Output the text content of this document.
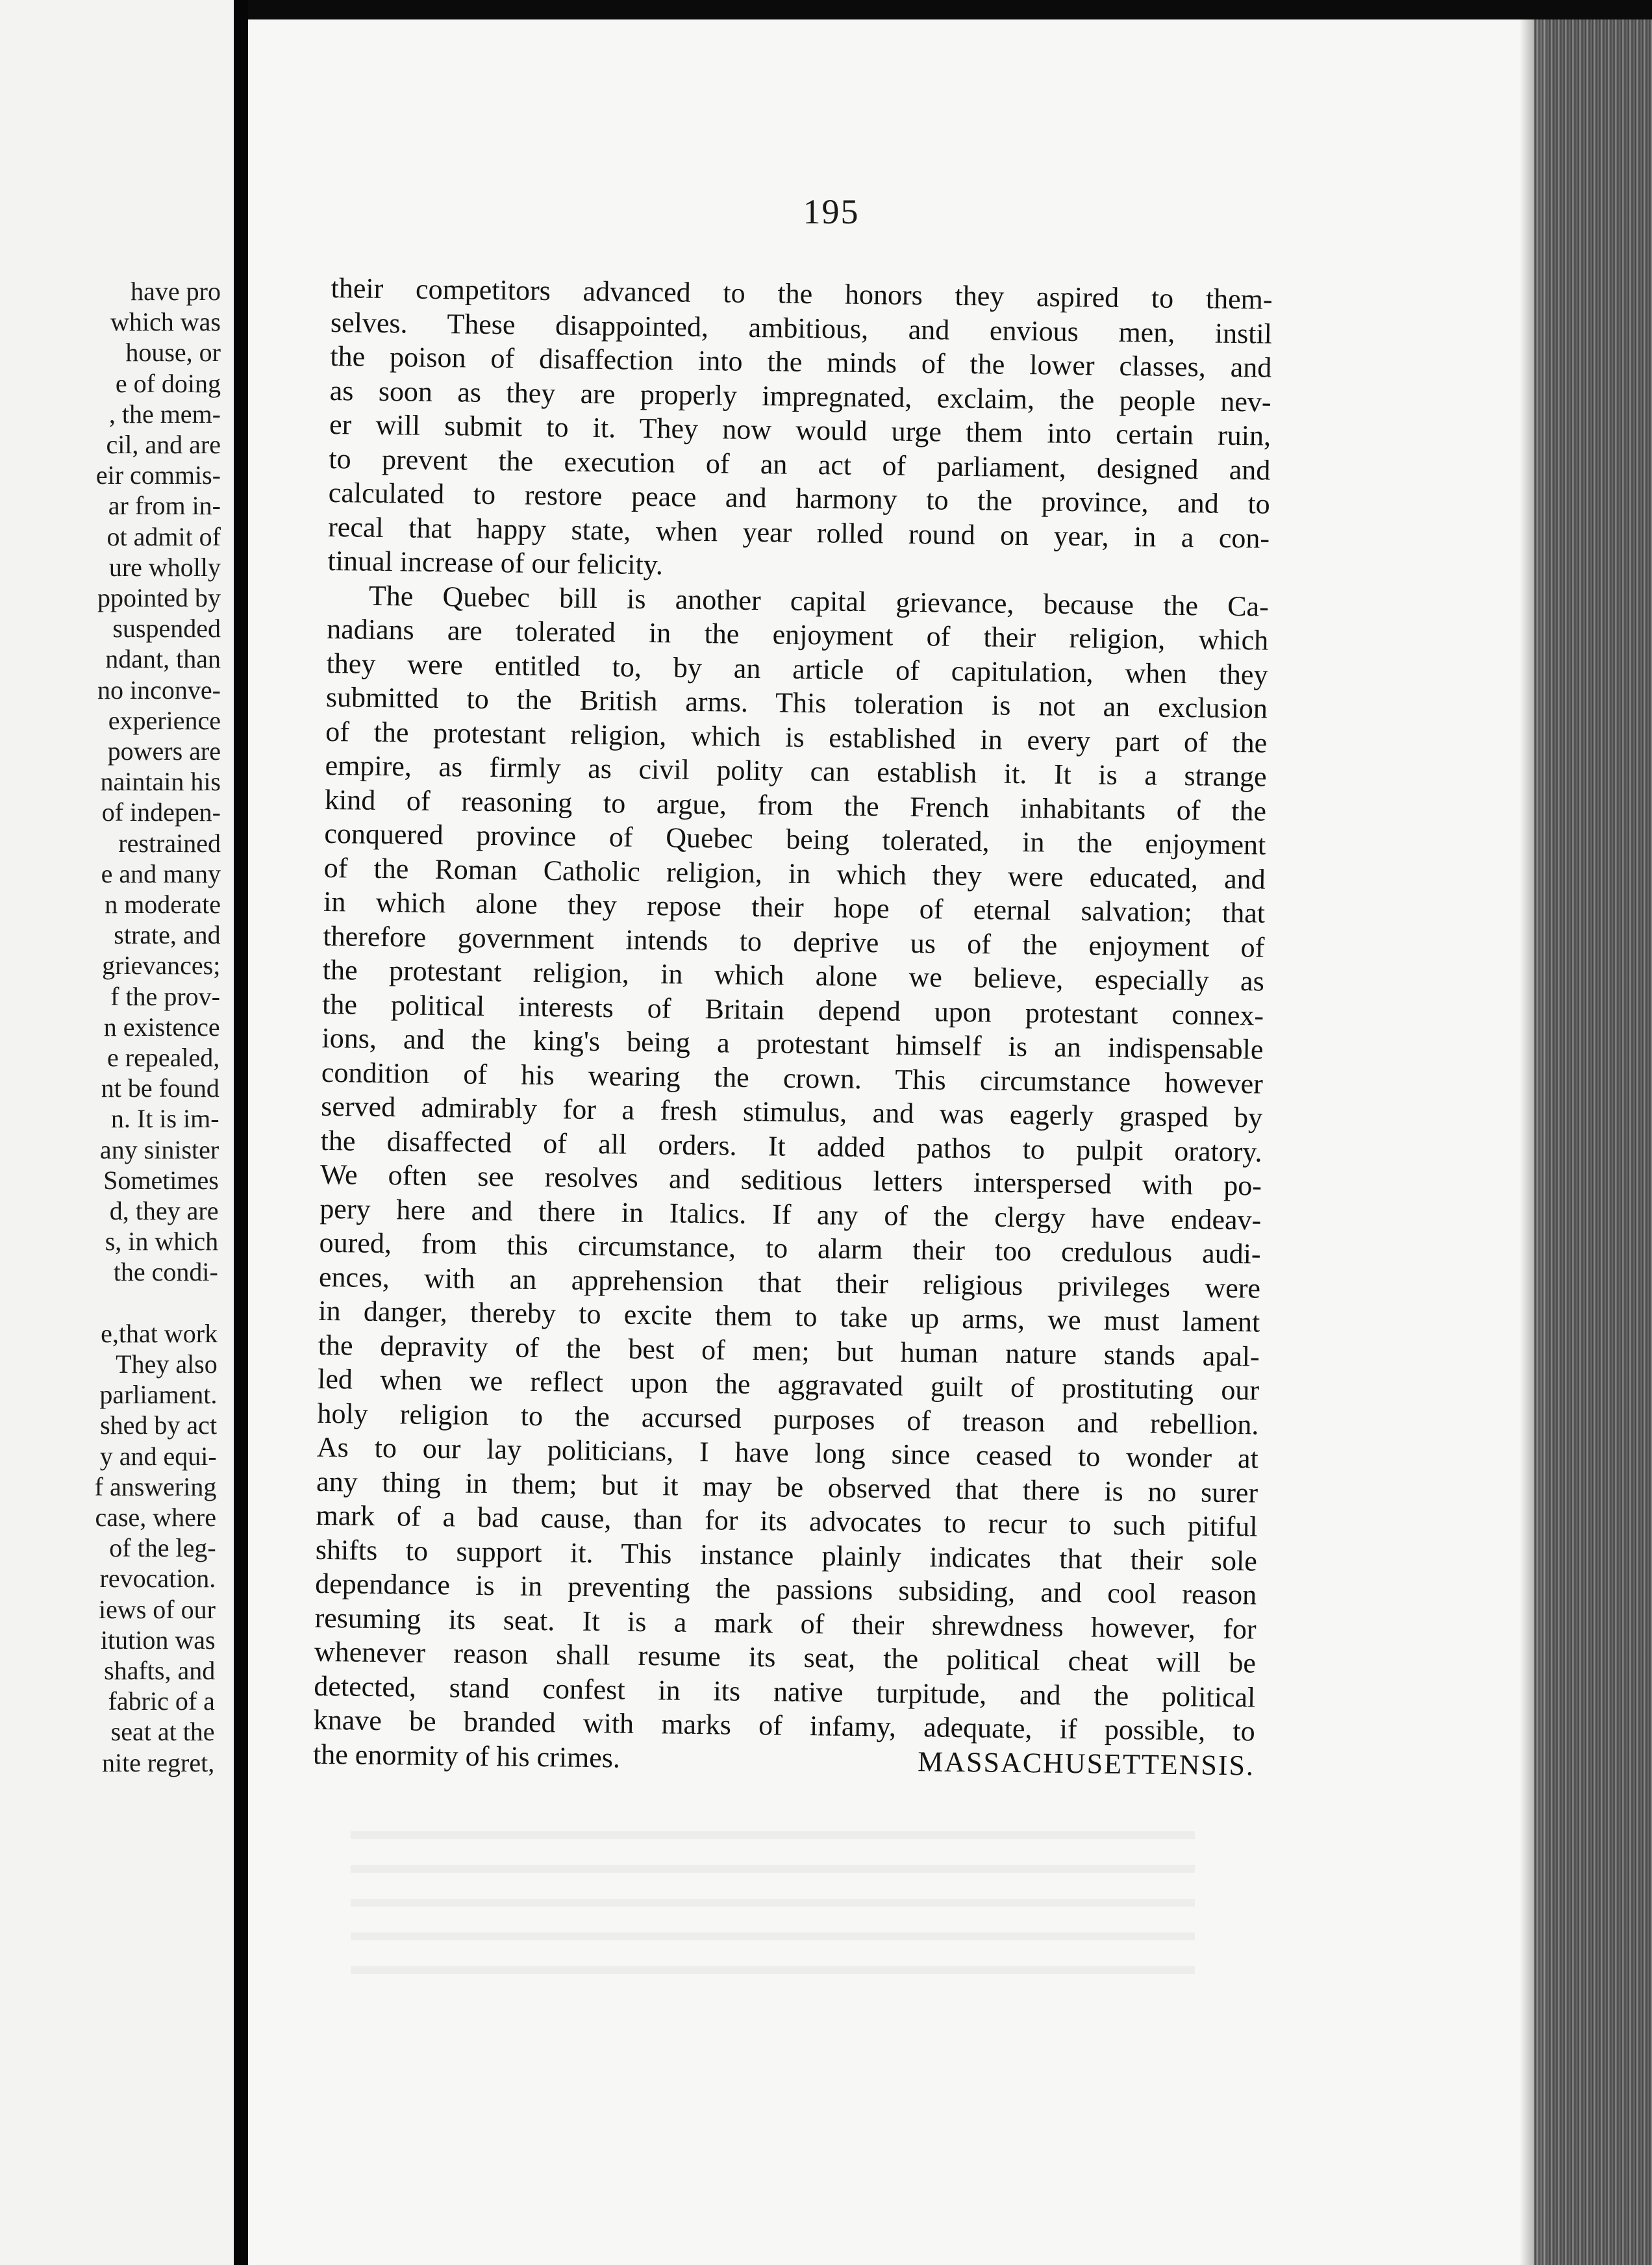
have pro
which was
house, or
e of doing
, the mem-
cil, and are
eir commis-
ar from in-
ot admit of
ure wholly
ppointed by
suspended
ndant, than
no inconve-
experience
powers are
naintain his
of indepen-
restrained
e and many
n moderate
strate, and
grievances;
f the prov-
n existence
e repealed,
nt be found
n. It is im-
any sinister
Sometimes
d, they are
s, in which
the condi-
e,that work
They also
parliament.
shed by act
y and equi-
f answering
case, where
of the leg-
revocation.
iews of our
itution was
shafts, and
fabric of a
seat at the
nite regret,
195
their competitors advanced to the honors they aspired to them-
selves. These disappointed, ambitious, and envious men, instil
the poison of disaffection into the minds of the lower classes, and
as soon as they are properly impregnated, exclaim, the people nev-
er will submit to it. They now would urge them into certain ruin,
to prevent the execution of an act of parliament, designed and
calculated to restore peace and harmony to the province, and to
recal that happy state, when year rolled round on year, in a con-
tinual increase of our felicity.
The Quebec bill is another capital grievance, because the Ca-
nadians are tolerated in the enjoyment of their religion, which
they were entitled to, by an article of capitulation, when they
submitted to the British arms. This toleration is not an exclusion
of the protestant religion, which is established in every part of the
empire, as firmly as civil polity can establish it. It is a strange
kind of reasoning to argue, from the French inhabitants of the
conquered province of Quebec being tolerated, in the enjoyment
of the Roman Catholic religion, in which they were educated, and
in which alone they repose their hope of eternal salvation; that
therefore government intends to deprive us of the enjoyment of
the protestant religion, in which alone we believe, especially as
the political interests of Britain depend upon protestant connex-
ions, and the king's being a protestant himself is an indispensable
condition of his wearing the crown. This circumstance however
served admirably for a fresh stimulus, and was eagerly grasped by
the disaffected of all orders. It added pathos to pulpit oratory.
We often see resolves and seditious letters interspersed with po-
pery here and there in Italics. If any of the clergy have endeav-
oured, from this circumstance, to alarm their too credulous audi-
ences, with an apprehension that their religious privileges were
in danger, thereby to excite them to take up arms, we must lament
the depravity of the best of men; but human nature stands apal-
led when we reflect upon the aggravated guilt of prostituting our
holy religion to the accursed purposes of treason and rebellion.
As to our lay politicians, I have long since ceased to wonder at
any thing in them; but it may be observed that there is no surer
mark of a bad cause, than for its advocates to recur to such pitiful
shifts to support it. This instance plainly indicates that their sole
dependance is in preventing the passions subsiding, and cool reason
resuming its seat. It is a mark of their shrewdness however, for
whenever reason shall resume its seat, the political cheat will be
detected, stand confest in its native turpitude, and the political
knave be branded with marks of infamy, adequate, if possible, to
the enormity of his crimes.	MASSACHUSETTENSIS.
